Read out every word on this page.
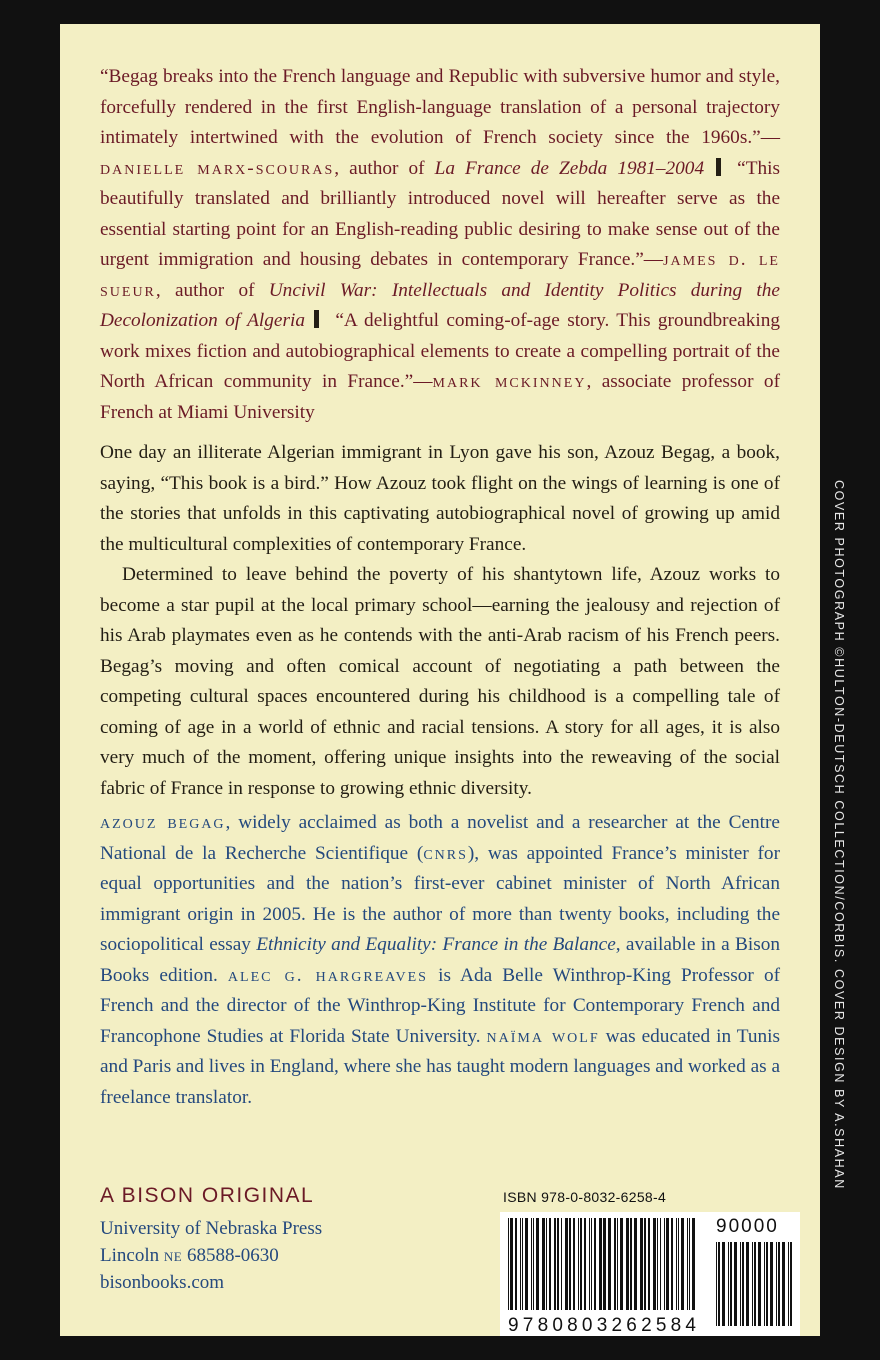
“Begag breaks into the French language and Republic with subversive humor and style, forcefully rendered in the first English-language translation of a personal trajectory intimately intertwined with the evolution of French society since the 1960s.”—danielle marx-scouras, author of La France de Zebda 1981–2004 “This beautifully translated and brilliantly introduced novel will hereafter serve as the essential starting point for an English-reading public desiring to make sense out of the urgent immigration and housing debates in contemporary France.”—james d. le sueur, author of Uncivil War: Intellectuals and Identity Politics during the Decolonization of Algeria “A delightful coming-of-age story. This groundbreaking work mixes fiction and autobiographical elements to create a compelling portrait of the North African community in France.”—mark mckinney, associate professor of French at Miami University

One day an illiterate Algerian immigrant in Lyon gave his son, Azouz Begag, a book, saying, “This book is a bird.” How Azouz took flight on the wings of learning is one of the stories that unfolds in this captivating autobiographical novel of growing up amid the multicultural complexities of contemporary France.

Determined to leave behind the poverty of his shantytown life, Azouz works to become a star pupil at the local primary school—earning the jealousy and rejection of his Arab playmates even as he contends with the anti-Arab racism of his French peers. Begag’s moving and often comical account of negotiating a path between the competing cultural spaces encountered during his childhood is a compelling tale of coming of age in a world of ethnic and racial tensions. A story for all ages, it is also very much of the moment, offering unique insights into the reweaving of the social fabric of France in response to growing ethnic diversity.

azouz begag, widely acclaimed as both a novelist and a researcher at the Centre National de la Recherche Scientifique (cnrs), was appointed France’s minister for equal opportunities and the nation’s first-ever cabinet minister of North African immigrant origin in 2005. He is the author of more than twenty books, including the sociopolitical essay Ethnicity and Equality: France in the Balance, available in a Bison Books edition. alec g. hargreaves is Ada Belle Winthrop-King Professor of French and the director of the Winthrop-King Institute for Contemporary French and Francophone Studies at Florida State University. naïma wolf was educated in Tunis and Paris and lives in England, where she has taught modern languages and worked as a freelance translator.

A BISON ORIGINAL
University of Nebraska Press
Lincoln ne 68588-0630
bisonbooks.com
ISBN 978-0-8032-6258-4
9780803262584
90000
COVER PHOTOGRAPH ©HULTON-DEUTSCH COLLECTION/CORBIS. COVER DESIGN BY A.SHAHAN
